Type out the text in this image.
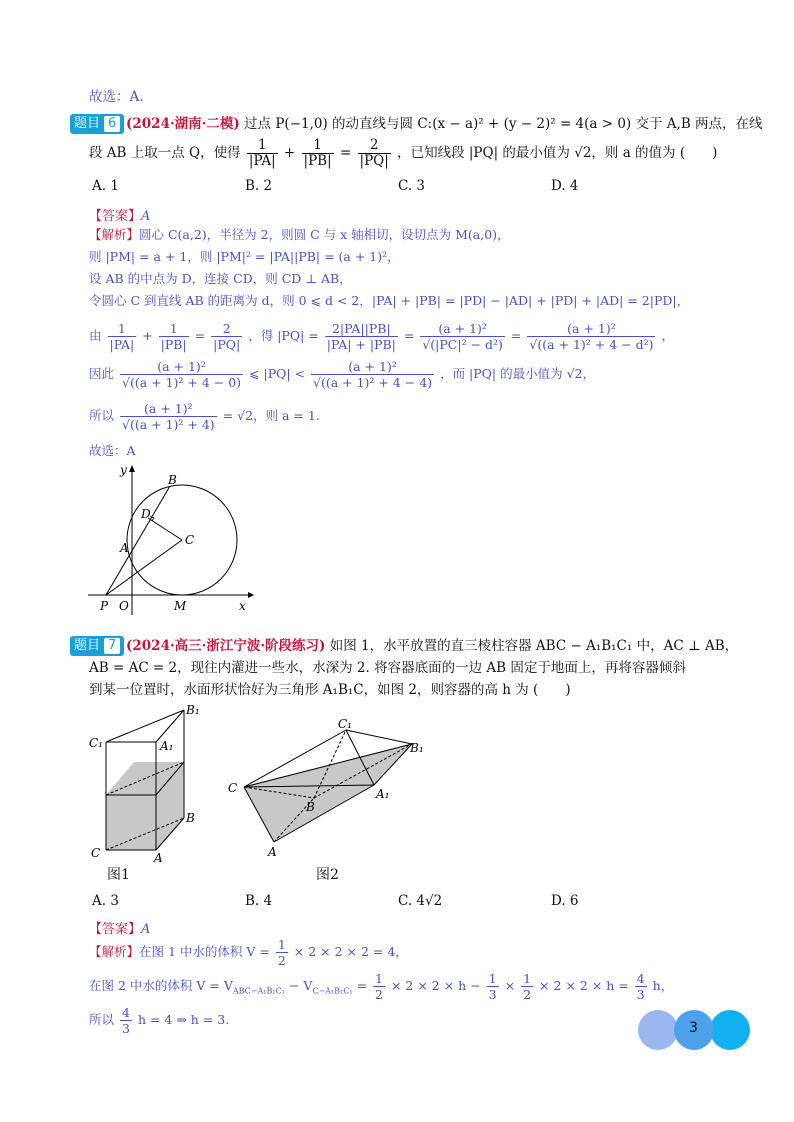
故选：A.
题目 6 (2024·湖南·二模) 过点 P(−1,0) 的动直线与圆 C:(x − a)² + (y − 2)² = 4(a > 0) 交于 A,B 两点，在线
段 AB 上取一点 Q，使得 $\frac{1}{|PA|} + \frac{1}{|PB|} = \frac{2}{|PQ|}$ ，已知线段 |PQ| 的最小值为 √2，则 a 的值为 (　　)
A. 1	B. 2	C. 3	D. 4
【答案】A
【解析】圆心 C(a,2)，半径为 2，则圆 C 与 x 轴相切，设切点为 M(a,0)，
则 |PM| = a + 1，则 |PM|² = |PA||PB| = (a + 1)²，
设 AB 的中点为 D，连接 CD，则 CD ⊥ AB，
令圆心 C 到直线 AB 的距离为 d，则 0 ⩽ d < 2，|PA| + |PB| = |PD| − |AD| + |PD| + |AD| = 2|PD|，
由 $\frac{1}{|PA|} + \frac{1}{|PB|} = \frac{2}{|PQ|}$ ，得 $|PQ| = \frac{2|PA||PB|}{|PA| + |PB|} = \frac{\text{(a + 1)²}}{\text{√(|PC|² − d²)}} = \frac{\text{(a + 1)²}}{\text{√((a + 1)² + 4 − d²)}}$ ，
因此 $\frac{\text{(a + 1)²}}{\text{√((a + 1)² + 4 − 0)}}$ ⩽ $|PQ| < \frac{\text{(a + 1)²}}{\text{√((a + 1)² + 4 − 4)}}$ ，而 |PQ| 的最小值为 √2，
所以 $\frac{\text{(a + 1)²}}{\text{√((a + 1)² + 4)}} = √2$，则 a = 1.
故选：A
B
D
C
A
P O	M
y
x
题目 7 (2024·高三·浙江宁波·阶段练习) 如图 1，水平放置的直三棱柱容器 ABC − A₁B₁C₁ 中，AC ⊥ AB，
AB = AC = 2，现往内灌进一些水，水深为 2. 将容器底面的一边 AB 固定于地面上，再将容器倾斜
到某一位置时，水面形状恰好为三角形 A₁B₁C，如图 2，则容器的高 h 为 (　　)
B₁
C₁	A₁
B
C	A
图1
C₁
B₁
C
B
A₁
A
图2
A. 3	B. 4	C. 4√2	D. 6
【答案】A
【解析】在图 1 中水的体积 $V = \frac{1}{2} \times 2 \times 2 \times 2 = 4$，
在图 2 中水的体积 $V = V_{ABC-A_1B_1C_1} - V_{C-A_1B_1C_1} = \frac{1}{2} \times 2 \times 2 \times h - \frac{1}{3} \times \frac{1}{2} \times 2 \times 2 \times h = \frac{4}{3}$ h，
所以 $\frac{4}{3}$ h = 4 ⇒ h = 3.
3
